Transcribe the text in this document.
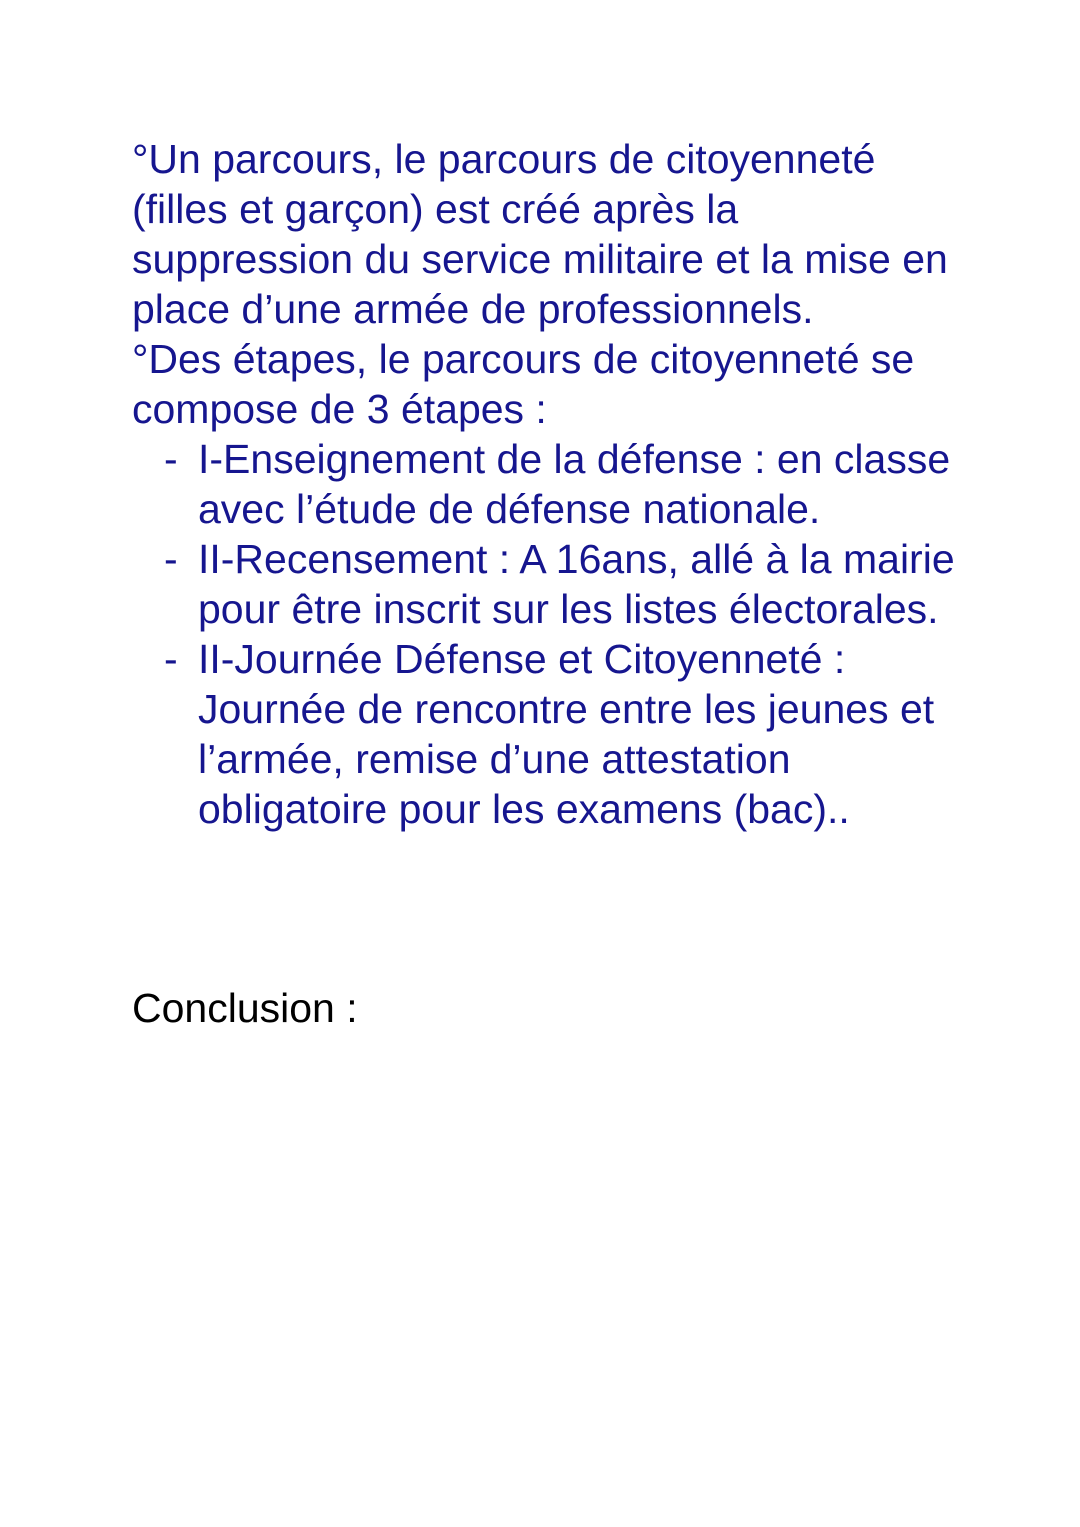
°Un parcours, le parcours de citoyenneté (filles et garçon) est créé après la suppression du service militaire et la mise en place d’une armée de professionnels.

°Des étapes, le parcours de citoyenneté se compose de 3 étapes :

- I-Enseignement de la défense : en classe avec l’étude de défense nationale.
- II-Recensement : A 16ans, allé à la mairie pour être inscrit sur les listes électorales.
- II-Journée Défense et Citoyenneté : Journée de rencontre entre les jeunes et l’armée, remise d’une attestation obligatoire pour les examens (bac)..

Conclusion :
